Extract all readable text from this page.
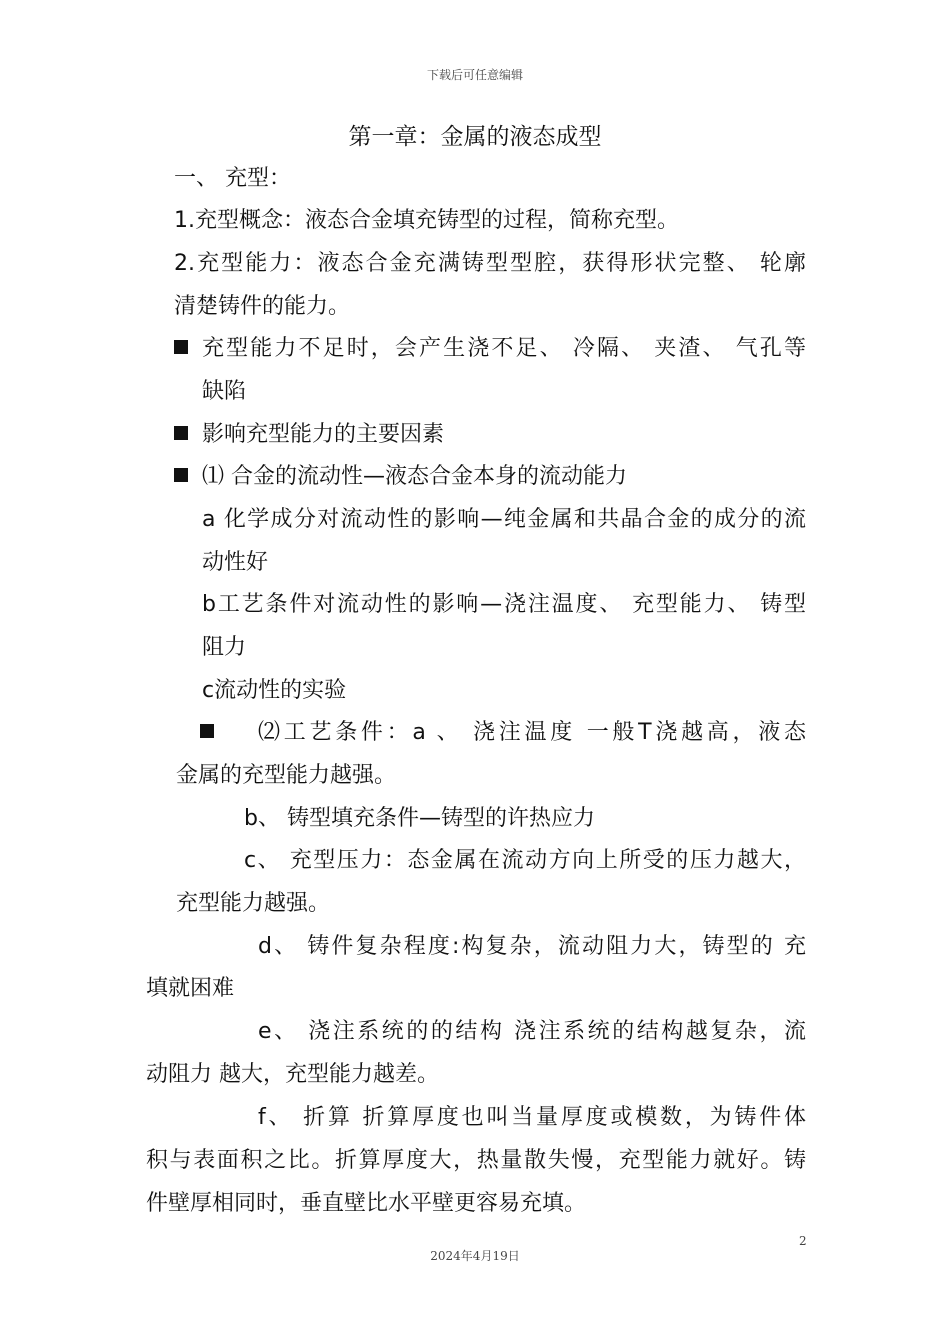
下载后可任意编辑
第一章：金属的液态成型
一、 充型：
1.充型概念：液态合金填充铸型的过程，简称充型。
2.充型能力：液态合金充满铸型型腔，获得形状完整、 轮廓
清楚铸件的能力。
充型能力不足时，会产生浇不足、 冷隔、 夹渣、 气孔等
缺陷
影响充型能力的主要因素
⑴ 合金的流动性—液态合金本身的流动能力
a 化学成分对流动性的影响—纯金属和共晶合金的成分的流
动性好
b工艺条件对流动性的影响—浇注温度、 充型能力、 铸型
阻力
c流动性的实验
⑵工艺条件：a 、 浇注温度 一般T浇越高，液态
金属的充型能力越强。
b、 铸型填充条件—铸型的许热应力
c、 充型压力：态金属在流动方向上所受的压力越大，
充型能力越强。
d、 铸件复杂程度:构复杂，流动阻力大，铸型的 充
填就困难
e、 浇注系统的的结构 浇注系统的结构越复杂，流
动阻力 越大，充型能力越差。
f、 折算 折算厚度也叫当量厚度或模数，为铸件体
积与表面积之比。折算厚度大，热量散失慢，充型能力就好。铸
件壁厚相同时，垂直壁比水平壁更容易充填。
2
2024年4月19日
